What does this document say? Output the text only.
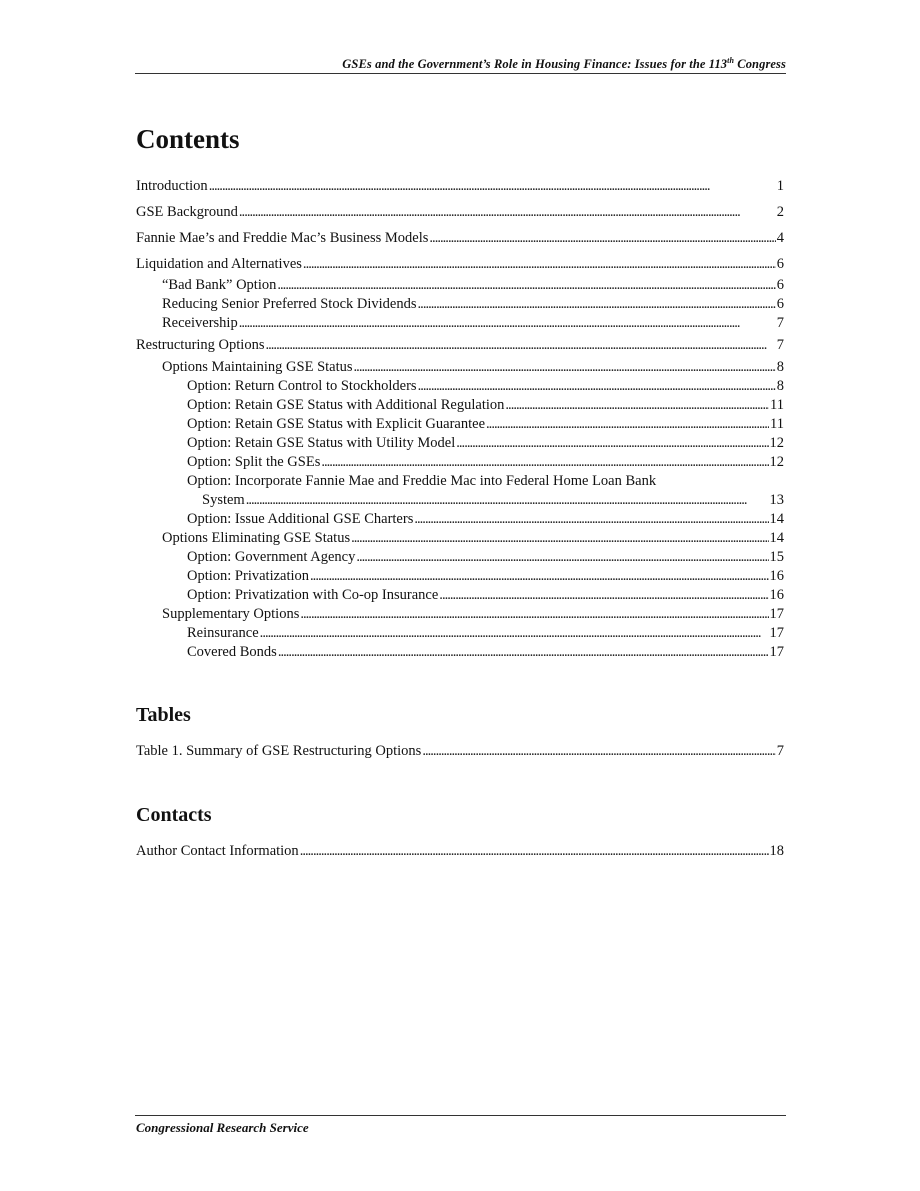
GSEs and the Government’s Role in Housing Finance: Issues for the 113th Congress
Contents
Introduction . . .	1
GSE Background . . .	2
Fannie Mae’s and Freddie Mac’s Business Models . . .	4
Liquidation and Alternatives . . .	6
“Bad Bank” Option . . .	6
Reducing Senior Preferred Stock Dividends . . .	6
Receivership . . .	7
Restructuring Options . . .	7
Options Maintaining GSE Status . . .	8
Option: Return Control to Stockholders . . .	8
Option: Retain GSE Status with Additional Regulation . . .	11
Option: Retain GSE Status with Explicit Guarantee . . .	11
Option: Retain GSE Status with Utility Model . . .	12
Option: Split the GSEs . . .	12
Option: Incorporate Fannie Mae and Freddie Mac into Federal Home Loan Bank
System . . .	13
Option: Issue Additional GSE Charters . . .	14
Options Eliminating GSE Status . . .	14
Option: Government Agency . . .	15
Option: Privatization . . .	16
Option: Privatization with Co-op Insurance . . .	16
Supplementary Options . . .	17
Reinsurance . . .	17
Covered Bonds . . .	17
Tables
Table 1. Summary of GSE Restructuring Options . . .	7
Contacts
Author Contact Information . . .	18
Congressional Research Service
